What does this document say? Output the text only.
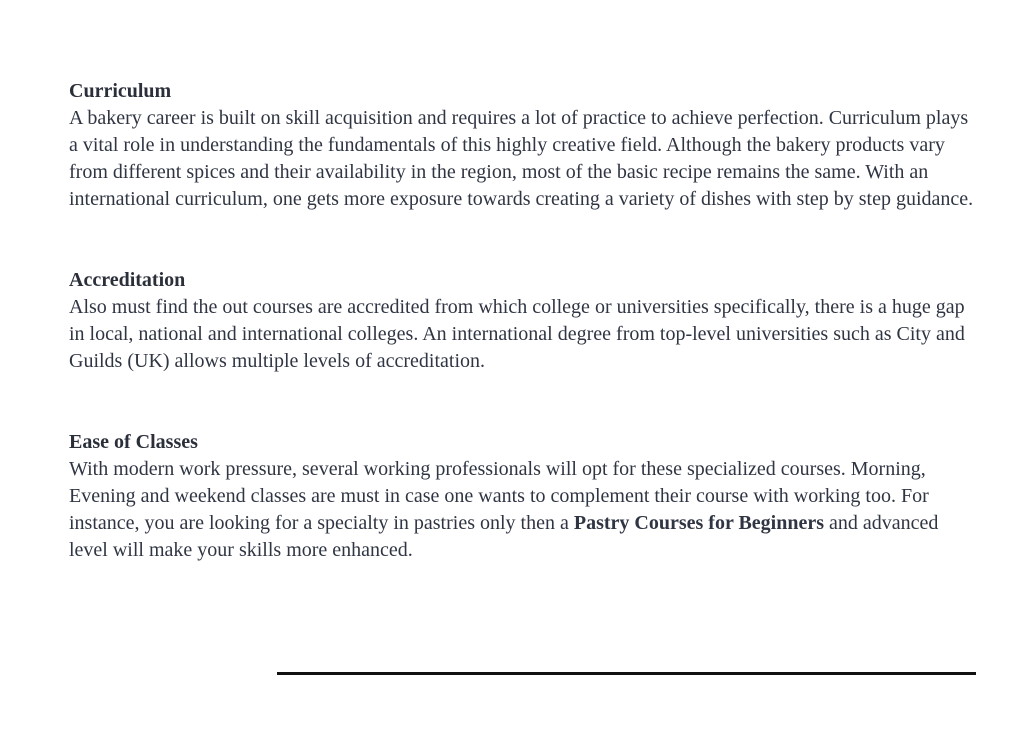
Curriculum

A bakery career is built on skill acquisition and requires a lot of practice to achieve perfection. Curriculum plays a vital role in understanding the fundamentals of this highly creative field. Although the bakery products vary from different spices and their availability in the region, most of the basic recipe remains the same. With an international curriculum, one gets more exposure towards creating a variety of dishes with step by step guidance.

Accreditation

Also must find the out courses are accredited from which college or universities specifically, there is a huge gap in local, national and international colleges. An international degree from top-level universities such as City and Guilds (UK) allows multiple levels of accreditation.

Ease of Classes

With modern work pressure, several working professionals will opt for these specialized courses. Morning, Evening and weekend classes are must in case one wants to complement their course with working too. For instance, you are looking for a specialty in pastries only then a Pastry Courses for Beginners and advanced level will make your skills more enhanced.
